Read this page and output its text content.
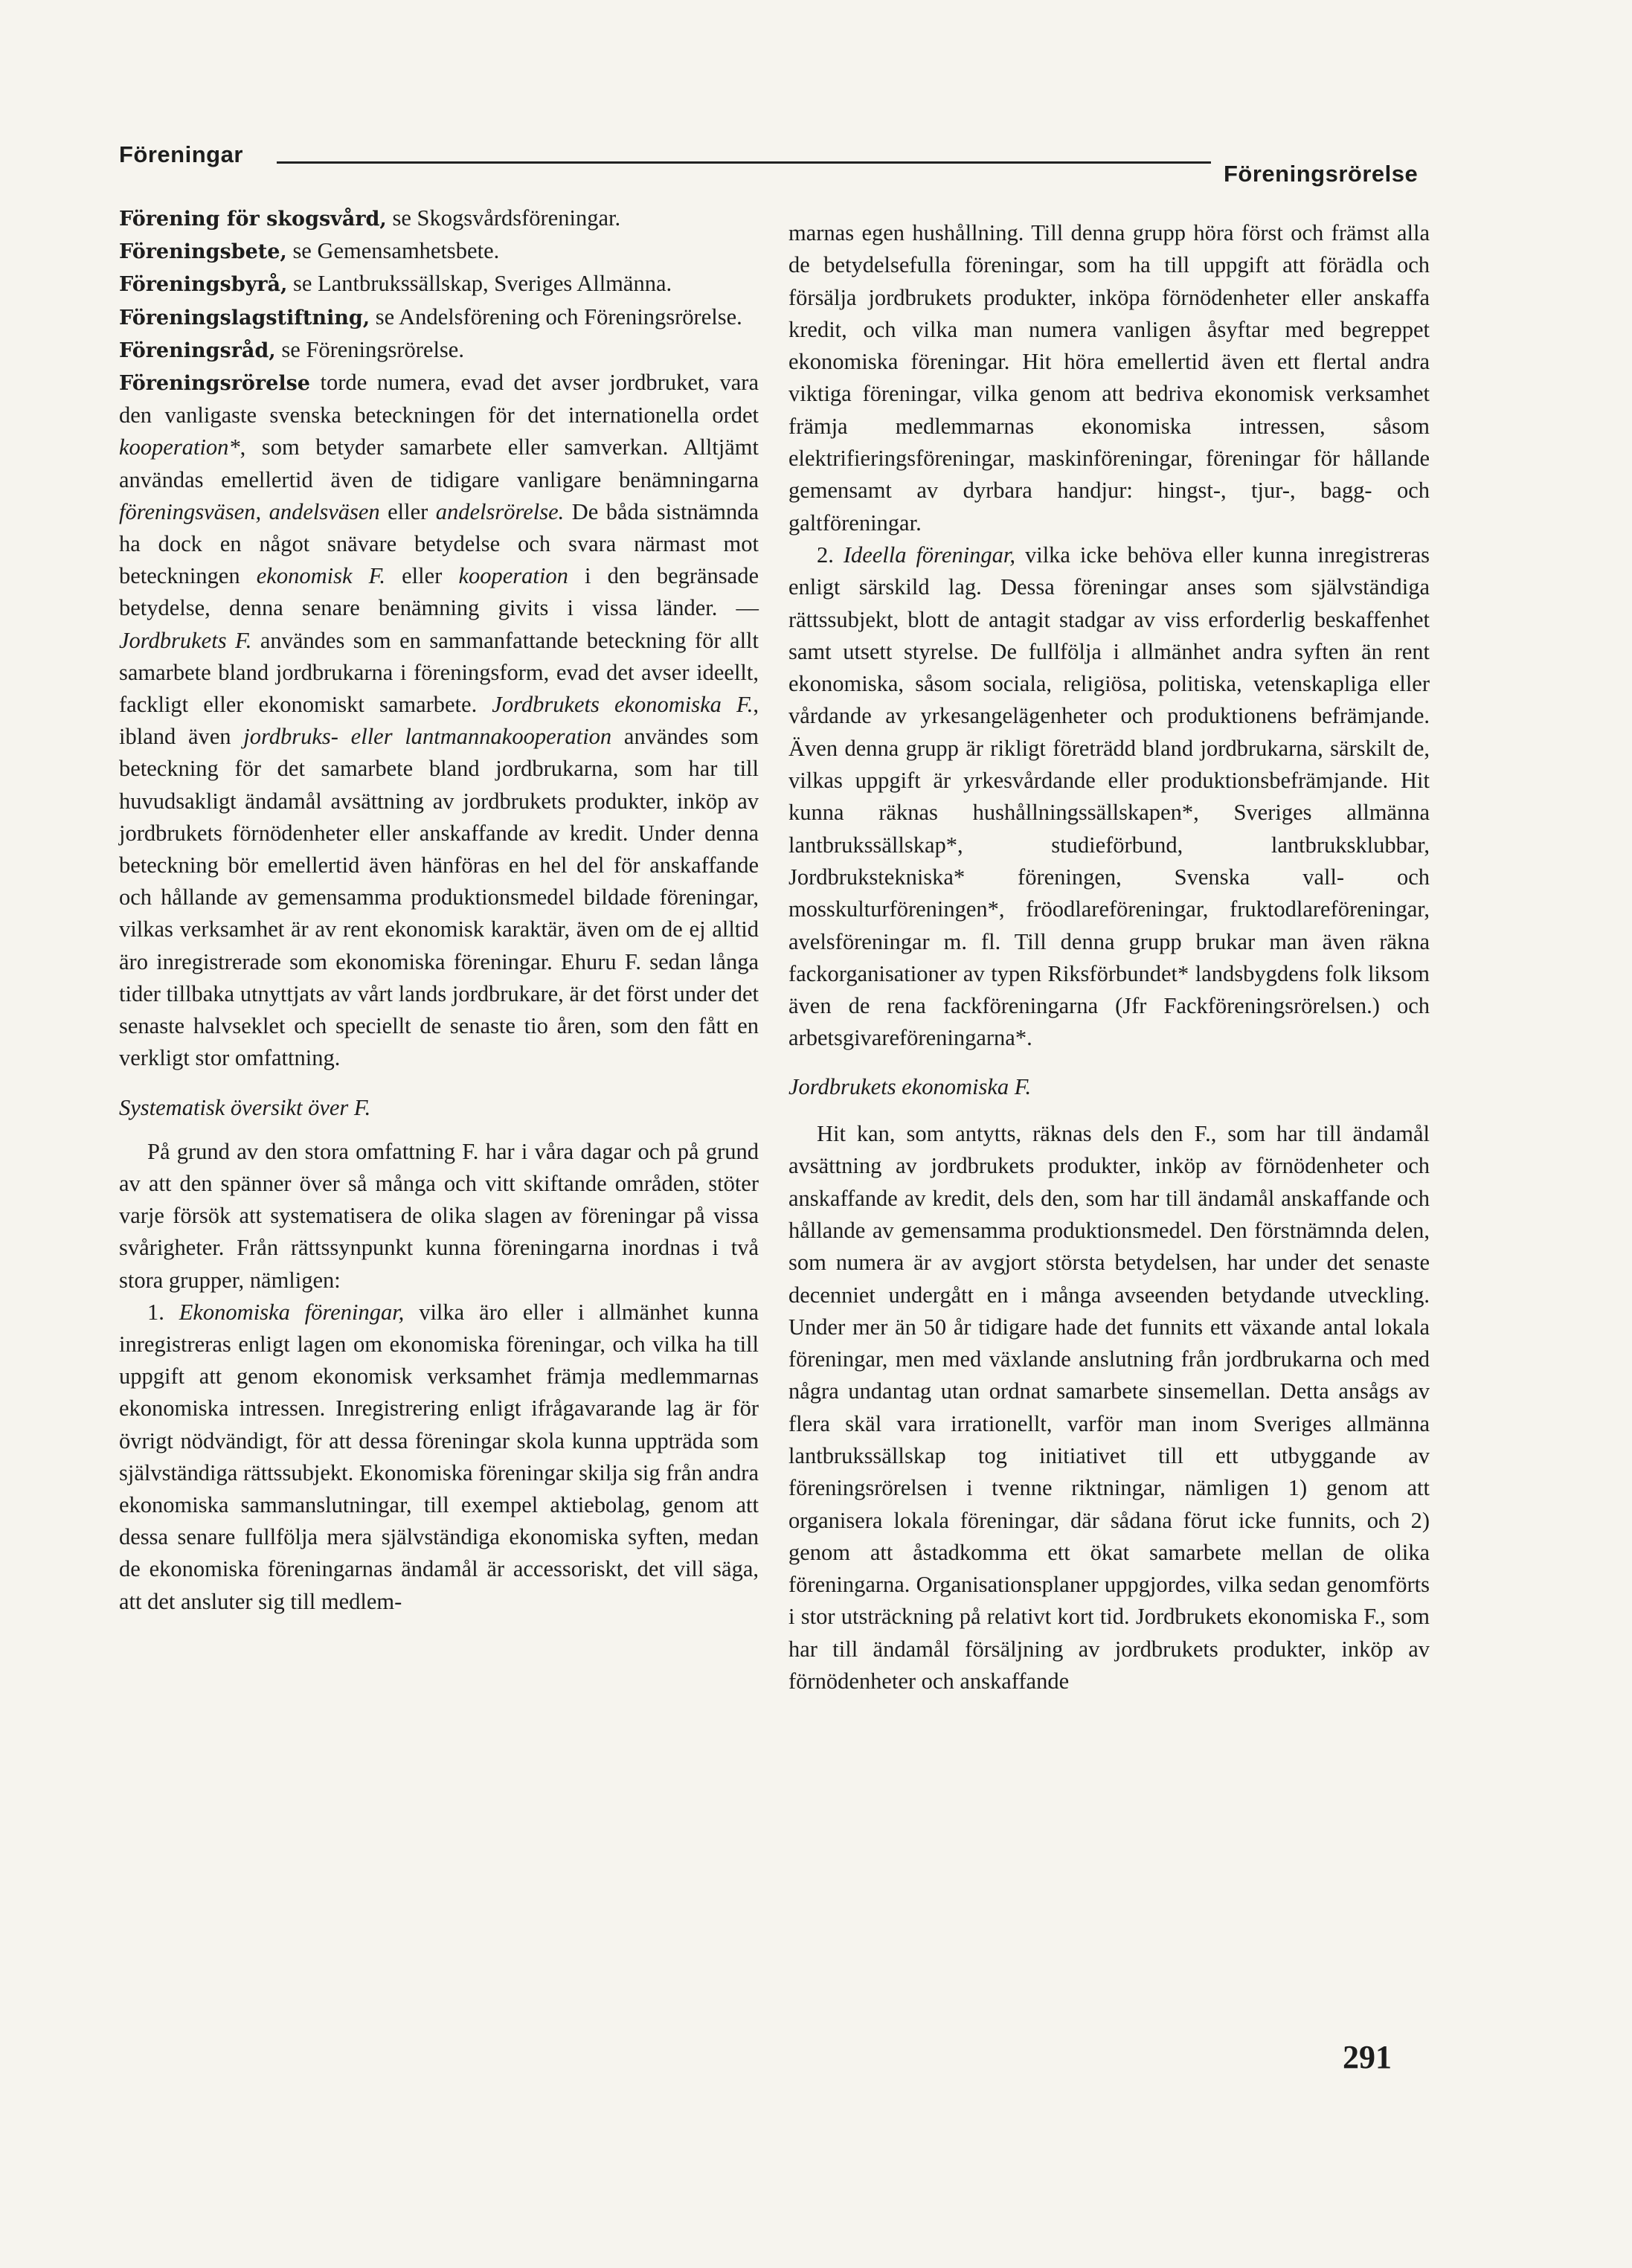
Föreningar
Föreningsrörelse

Förening för skogsvård, se Skogsvårdsföreningar.

Föreningsbete, se Gemensamhetsbete.

Föreningsbyrå, se Lantbrukssällskap, Sveriges Allmänna.

Föreningslagstiftning, se Andelsförening och Föreningsrörelse.

Föreningsråd, se Föreningsrörelse.

Föreningsrörelse torde numera, evad det avser jordbruket, vara den vanligaste svenska beteckningen för det internationella ordet kooperation*, som betyder samarbete eller samverkan. Alltjämt användas emellertid även de tidigare vanligare benämningarna föreningsväsen, andelsväsen eller andelsrörelse. De båda sistnämnda ha dock en något snävare betydelse och svara närmast mot beteckningen ekonomisk F. eller kooperation i den begränsade betydelse, denna senare benämning givits i vissa länder. — Jordbrukets F. användes som en sammanfattande beteckning för allt samarbete bland jordbrukarna i föreningsform, evad det avser ideellt, fackligt eller ekonomiskt samarbete. Jordbrukets ekonomiska F., ibland även jordbruks- eller lantmannakooperation användes som beteckning för det samarbete bland jordbrukarna, som har till huvudsakligt ändamål avsättning av jordbrukets produkter, inköp av jordbrukets förnödenheter eller anskaffande av kredit. Under denna beteckning bör emellertid även hänföras en hel del för anskaffande och hållande av gemensamma produktionsmedel bildade föreningar, vilkas verksamhet är av rent ekonomisk karaktär, även om de ej alltid äro inregistrerade som ekonomiska föreningar. Ehuru F. sedan långa tider tillbaka utnyttjats av vårt lands jordbrukare, är det först under det senaste halvseklet och speciellt de senaste tio åren, som den fått en verkligt stor omfattning.

Systematisk översikt över F.

På grund av den stora omfattning F. har i våra dagar och på grund av att den spänner över så många och vitt skiftande områden, stöter varje försök att systematisera de olika slagen av föreningar på vissa svårigheter. Från rättssynpunkt kunna föreningarna inordnas i två stora grupper, nämligen:

1. Ekonomiska föreningar, vilka äro eller i allmänhet kunna inregistreras enligt lagen om ekonomiska föreningar, och vilka ha till uppgift att genom ekonomisk verksamhet främja medlemmarnas ekonomiska intressen. Inregistrering enligt ifrågavarande lag är för övrigt nödvändigt, för att dessa föreningar skola kunna uppträda som självständiga rättssubjekt. Ekonomiska föreningar skilja sig från andra ekonomiska sammanslutningar, till exempel aktiebolag, genom att dessa senare fullfölja mera självständiga ekonomiska syften, medan de ekonomiska föreningarnas ändamål är accessoriskt, det vill säga, att det ansluter sig till medlem-

marnas egen hushållning. Till denna grupp höra först och främst alla de betydelsefulla föreningar, som ha till uppgift att förädla och försälja jordbrukets produkter, inköpa förnödenheter eller anskaffa kredit, och vilka man numera vanligen åsyftar med begreppet ekonomiska föreningar. Hit höra emellertid även ett flertal andra viktiga föreningar, vilka genom att bedriva ekonomisk verksamhet främja medlemmarnas ekonomiska intressen, såsom elektrifieringsföreningar, maskinföreningar, föreningar för hållande gemensamt av dyrbara handjur: hingst-, tjur-, bagg- och galtföreningar.

2. Ideella föreningar, vilka icke behöva eller kunna inregistreras enligt särskild lag. Dessa föreningar anses som självständiga rättssubjekt, blott de antagit stadgar av viss erforderlig beskaffenhet samt utsett styrelse. De fullfölja i allmänhet andra syften än rent ekonomiska, såsom sociala, religiösa, politiska, vetenskapliga eller vårdande av yrkesangelägenheter och produktionens befrämjande. Även denna grupp är rikligt företrädd bland jordbrukarna, särskilt de, vilkas uppgift är yrkesvårdande eller produktionsbefrämjande. Hit kunna räknas hushållningssällskapen*, Sveriges allmänna lantbrukssällskap*, studieförbund, lantbruksklubbar, Jordbrukstekniska* föreningen, Svenska vall- och mosskulturföreningen*, fröodlareföreningar, fruktodlareföreningar, avelsföreningar m. fl. Till denna grupp brukar man även räkna fackorganisationer av typen Riksförbundet* landsbygdens folk liksom även de rena fackföreningarna (Jfr Fackföreningsrörelsen.) och arbetsgivareföreningarna*.

Jordbrukets ekonomiska F.

Hit kan, som antytts, räknas dels den F., som har till ändamål avsättning av jordbrukets produkter, inköp av förnödenheter och anskaffande av kredit, dels den, som har till ändamål anskaffande och hållande av gemensamma produktionsmedel. Den förstnämnda delen, som numera är av avgjort största betydelsen, har under det senaste decenniet undergått en i många avseenden betydande utveckling. Under mer än 50 år tidigare hade det funnits ett växande antal lokala föreningar, men med växlande anslutning från jordbrukarna och med några undantag utan ordnat samarbete sinsemellan. Detta ansågs av flera skäl vara irrationellt, varför man inom Sveriges allmänna lantbrukssällskap tog initiativet till ett utbyggande av föreningsrörelsen i tvenne riktningar, nämligen 1) genom att organisera lokala föreningar, där sådana förut icke funnits, och 2) genom att åstadkomma ett ökat samarbete mellan de olika föreningarna. Organisationsplaner uppgjordes, vilka sedan genomförts i stor utsträckning på relativt kort tid. Jordbrukets ekonomiska F., som har till ändamål försäljning av jordbrukets produkter, inköp av förnödenheter och anskaffande

291
